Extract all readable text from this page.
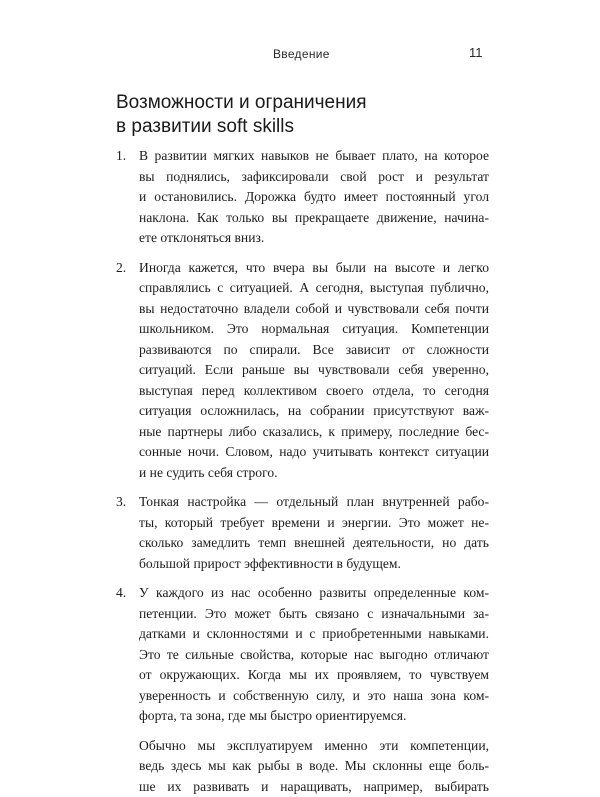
Введение	11
Возможности и ограничения
в развитии soft skills
1. В развитии мягких навыков не бывает плато, на которое
вы поднялись, зафиксировали свой рост и результат
и остановились. Дорожка будто имеет постоянный угол
наклона. Как только вы прекращаете движение, начина-
ете отклоняться вниз.
2. Иногда кажется, что вчера вы были на высоте и легко
справлялись с ситуацией. А сегодня, выступая публично,
вы недостаточно владели собой и чувствовали себя почти
школьником. Это нормальная ситуация. Компетенции
развиваются по спирали. Все зависит от сложности
ситуаций. Если раньше вы чувствовали себя уверенно,
выступая перед коллективом своего отдела, то сегодня
ситуация осложнилась, на собрании присутствуют важ-
ные партнеры либо сказались, к примеру, последние бес-
сонные ночи. Словом, надо учитывать контекст ситуации
и не судить себя строго.
3. Тонкая настройка — отдельный план внутренней рабо-
ты, который требует времени и энергии. Это может не-
сколько замедлить темп внешней деятельности, но дать
большой прирост эффективности в будущем.
4. У каждого из нас особенно развиты определенные ком-
петенции. Это может быть связано с изначальными за-
датками и склонностями и с приобретенными навыками.
Это те сильные свойства, которые нас выгодно отличают
от окружающих. Когда мы их проявляем, то чувствуем
уверенность и собственную силу, и это наша зона ком-
форта, та зона, где мы быстро ориентируемся.
Обычно мы эксплуатируем именно эти компетенции,
ведь здесь мы как рыбы в воде. Мы склонны еще боль-
ше их развивать и наращивать, например, выбирать
